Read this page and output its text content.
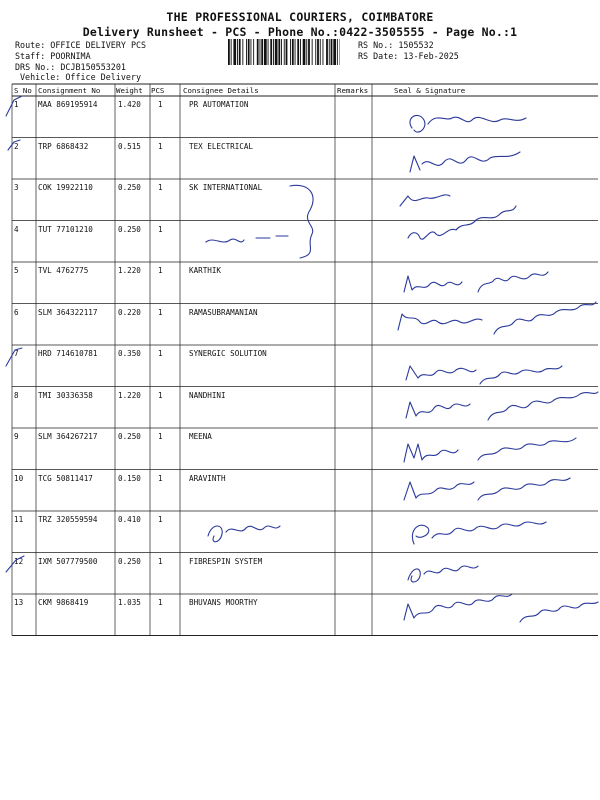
THE PROFESSIONAL COURIERS, COIMBATORE
Delivery Runsheet - PCS - Phone No.:0422-3505555 - Page No.:1
Route: OFFICE DELIVERY PCS
Staff: POORNIMA
DRS No.: DCJB150553201
Vehicle: Office Delivery
RS No.: 1505532
RS Date: 13-Feb-2025
S No Consignment No Weight PCS	Consignee Details	Remarks	Seal & Signature
1	MAA 869195914	1.420 1	PR AUTOMATION
2	TRP 6868432	0.515 1	TEX ELECTRICAL
3	COK 19922110	0.250 1	SK INTERNATIONAL
4	TUT 77101210	0.250 1
5	TVL 4762775	1.220 1	KARTHIK
6	SLM 364322117	0.220 1	RAMASUBRAMANIAN
7	HRD 714610781	0.350 1	SYNERGIC SOLUTION
8	TMI 30336358	1.220 1	NANDHINI
9	SLM 364267217	0.250 1	MEENA
10 TCG 50811417	0.150 1	ARAVINTH
11 TRZ 320559594	0.410 1
12 IXM 507779500	0.250 1	FIBRESPIN SYSTEM
13 CKM 9868419	1.035 1	BHUVANS MOORTHY
